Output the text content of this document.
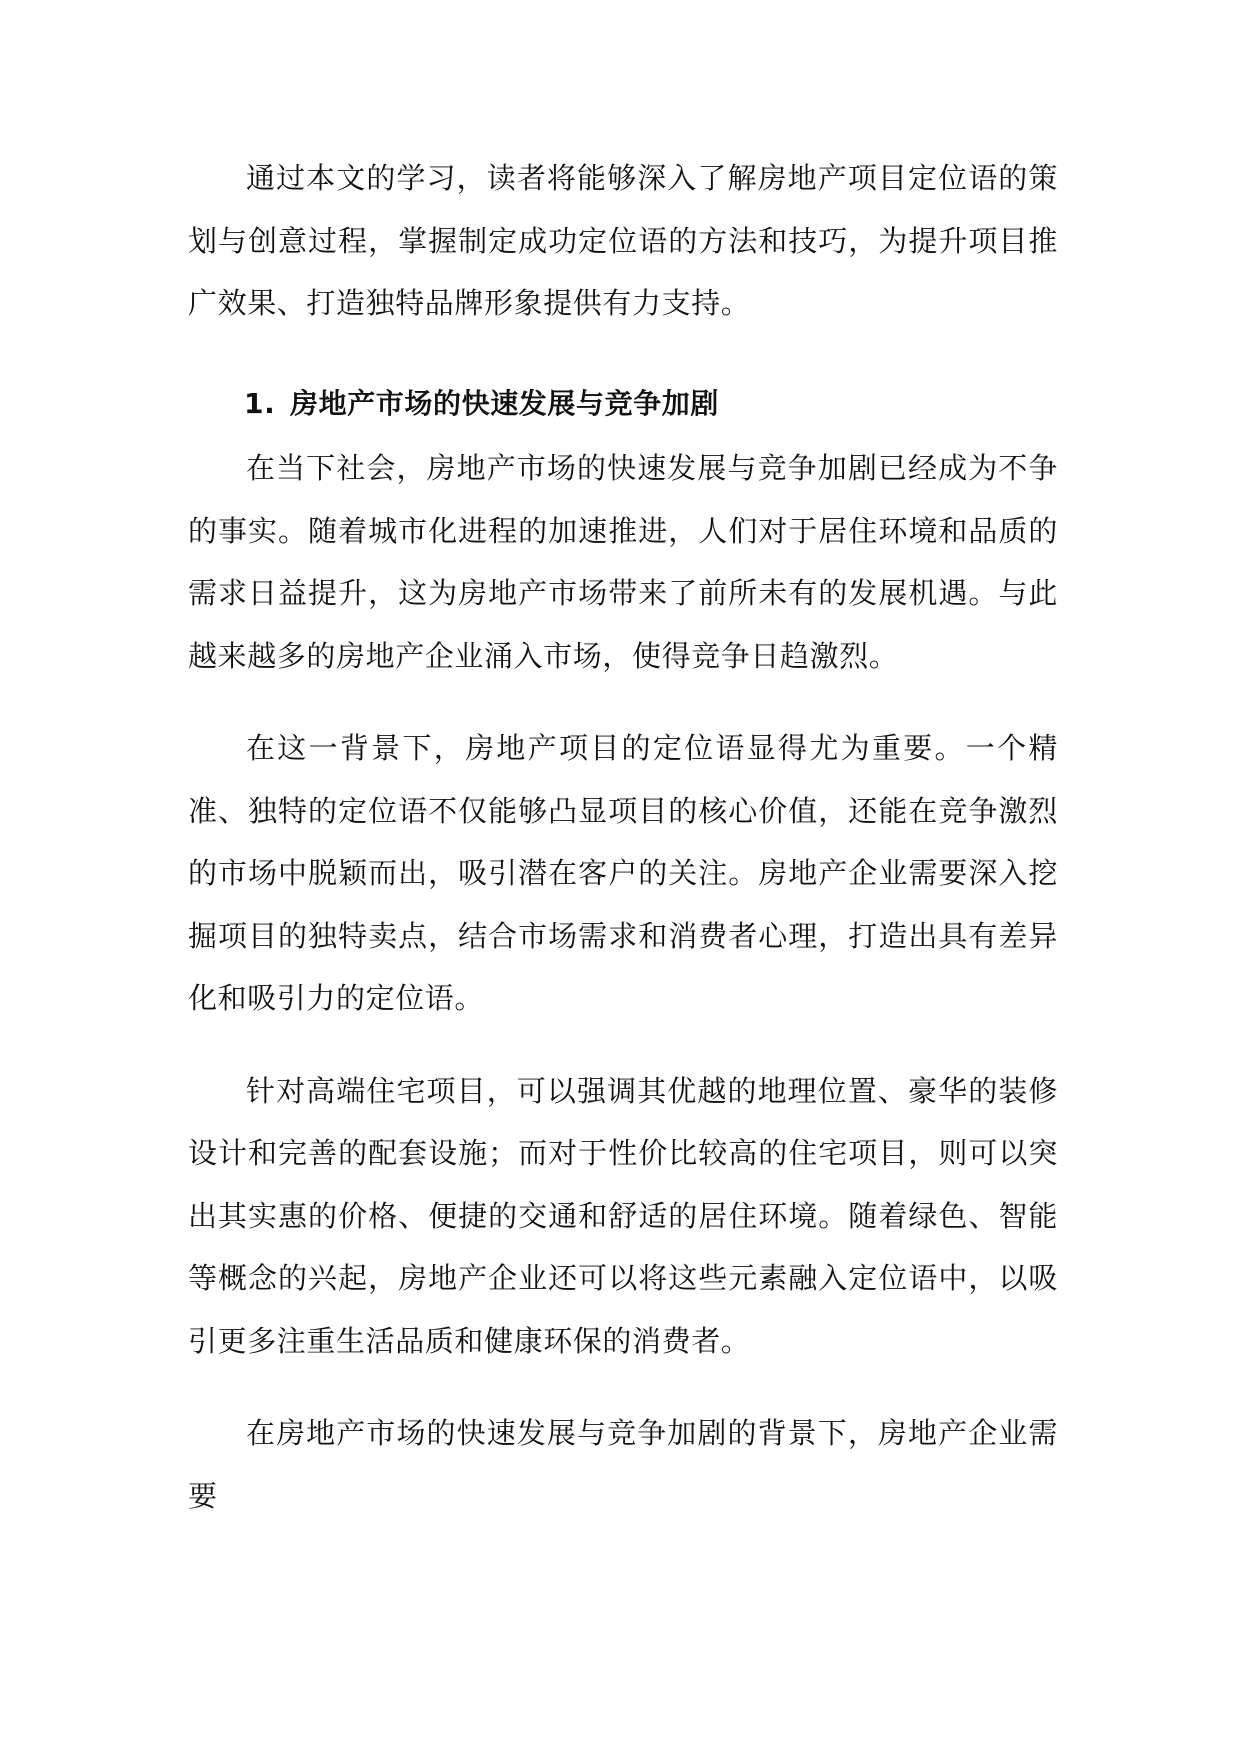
通过本文的学习，读者将能够深入了解房地产项目定位语的策划与创意过程，掌握制定成功定位语的方法和技巧，为提升项目推广效果、打造独特品牌形象提供有力支持。

1. 房地产市场的快速发展与竞争加剧

在当下社会，房地产市场的快速发展与竞争加剧已经成为不争的事实。随着城市化进程的加速推进，人们对于居住环境和品质的需求日益提升，这为房地产市场带来了前所未有的发展机遇。与此越来越多的房地产企业涌入市场，使得竞争日趋激烈。

在这一背景下，房地产项目的定位语显得尤为重要。一个精准、独特的定位语不仅能够凸显项目的核心价值，还能在竞争激烈的市场中脱颖而出，吸引潜在客户的关注。房地产企业需要深入挖掘项目的独特卖点，结合市场需求和消费者心理，打造出具有差异化和吸引力的定位语。

针对高端住宅项目，可以强调其优越的地理位置、豪华的装修设计和完善的配套设施；而对于性价比较高的住宅项目，则可以突出其实惠的价格、便捷的交通和舒适的居住环境。随着绿色、智能等概念的兴起，房地产企业还可以将这些元素融入定位语中，以吸引更多注重生活品质和健康环保的消费者。

在房地产市场的快速发展与竞争加剧的背景下，房地产企业需要
